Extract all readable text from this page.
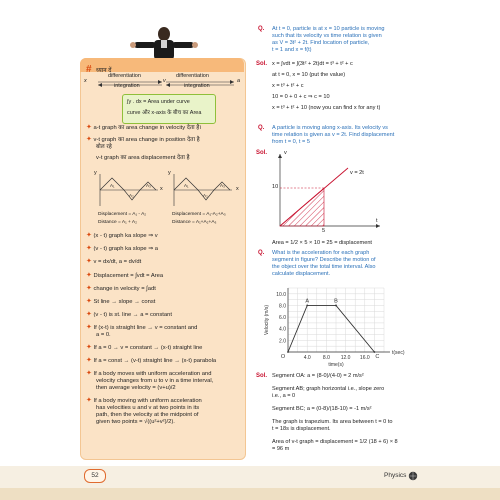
# ध्यान दें
x	v	a
differentiation	differentiation
integration	integration
∫y . dx = Area under curve
curve और x-axis के बीच का Area
✦ a-t graph का area change in velocity देता है।
✦ v-t graph का area change in position देता है
बोल रहे
v-t graph का area displacement देता है
y
x
A₁
A₂
A₃
y
x
A₁
A₂
A₃
Displacement = A₁ - A₂
Distance = A₁ + A₂
Displacement = A₁-A₂+A₃
Distance = A₁+A₂+A₃
✦ (x - t) graph ka slope ⇒ v
✦ (v - t) graph ka slope ⇒ a
✦ v = dx/dt, a = dv/dt
✦ Displacement = ∫vdt = Area
✦ change in velocity = ∫adt
✦ St line → slope → const
✦ (v - t) is st. line → a = constant
✦ If (x-t) is straight line → v = constant and
a = 0.
✦ If a = 0 → v = constant → (x-t) straight line
✦ If a = const → (v-t) straight line → (x-t) parabola
✦ If a body moves with uniform acceleration and
velocity changes from u to v in a time interval,
then average velocity = (v+u)/2
✦ If a body moving with uniform acceleration
has velocities u and v at two points in its
path, then the velocity at the midpoint of
given two points = √((u²+v²)/2).
Q. At t = 0, particle is at x = 10 particle is moving
such that its velocity vs time relation is given
as V = 3t² + 2t. Find location of particle,
t = 1 and x = f(t)
Sol. x = ∫vdt = ∫(3t² + 2t)dt = t³ + t² + c
at t = 0, x = 10 (put the value)
x = t³ + t² + c
10 = 0 + 0 + c ⇒ c = 10
x = t³ + t² + 10 (now you can find x for any t)
Q. A particle is moving along x-axis. Its velocity vs
time relation is given as v = 2t. Find displacement
from t = 0, t = 5
Sol.	v
t
v = 2t
10
5
Area = 1/2 × 5 × 10 = 25 = displacement
Q. What is the acceleration for each graph
segment in figure? Describe the motion of
the object over the total time interval. Also
calculate displacement.
2.0
4.0
6.0
8.0
10.0
4.0 8.0 12.0 16.0
time(s)
t(sec)
Velocity (m/s)
O
A	B
C
Sol. Segment OA: a = (8-0)/(4-0) = 2 m/s²
Segment AB; graph horizontal i.e., slope zero
i.e., a = 0
Segment BC; a = (0-8)/(18-10) = -1 m/s²
The graph is trapezium. Its area between t = 0 to
t = 18s is displacement.
Area of v-t graph = displacement = 1/2 (18 + 6) × 8
= 96 m
52	Physics
